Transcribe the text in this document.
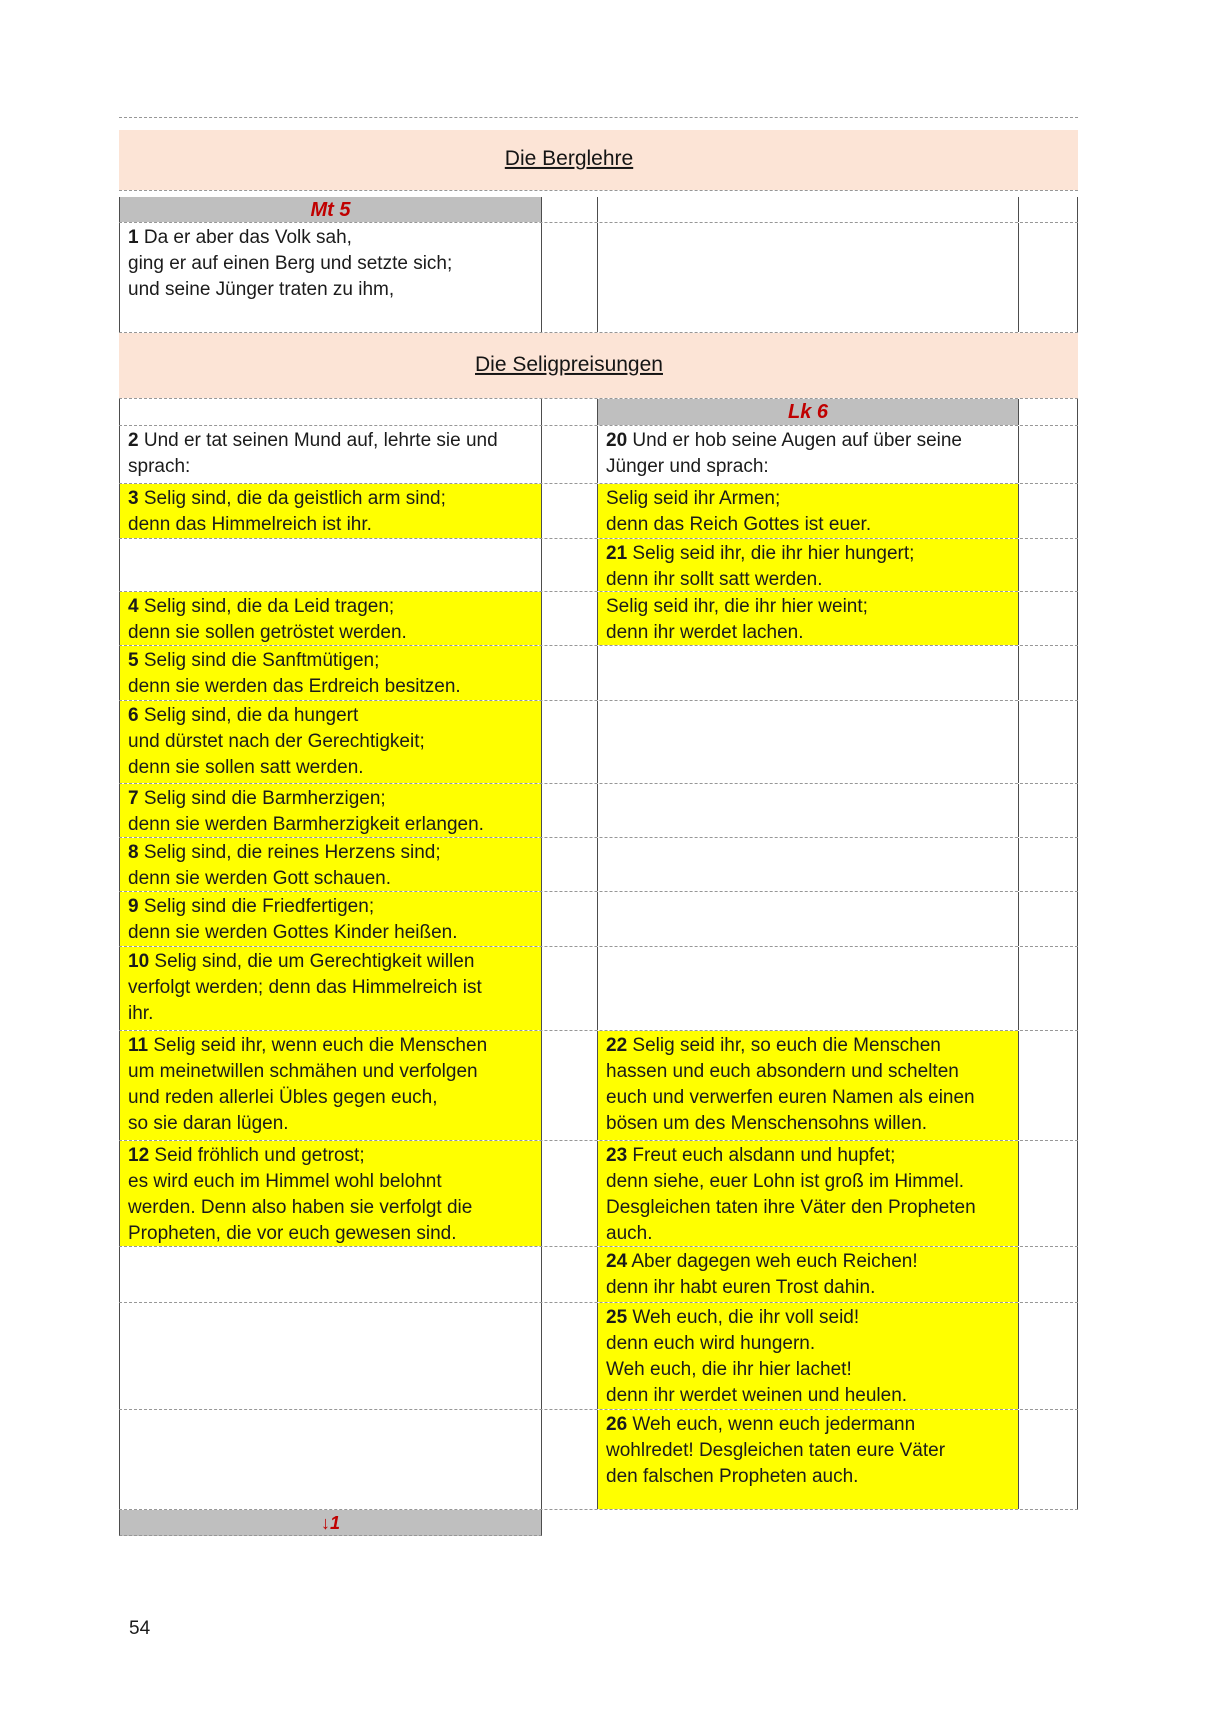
Die Berglehre
Mt 5
1 Da er aber das Volk sah,
ging er auf einen Berg und setzte sich;
und seine Jünger traten zu ihm,
Die Seligpreisungen
Lk 6
2 Und er tat seinen Mund auf, lehrte sie und
sprach:
20 Und er hob seine Augen auf über seine
Jünger und sprach:
3 Selig sind, die da geistlich arm sind;
denn das Himmelreich ist ihr.
Selig seid ihr Armen;
denn das Reich Gottes ist euer.
21 Selig seid ihr, die ihr hier hungert;
denn ihr sollt satt werden.
4 Selig sind, die da Leid tragen;
denn sie sollen getröstet werden.
Selig seid ihr, die ihr hier weint;
denn ihr werdet lachen.
5 Selig sind die Sanftmütigen;
denn sie werden das Erdreich besitzen.
6 Selig sind, die da hungert
und dürstet nach der Gerechtigkeit;
denn sie sollen satt werden.
7 Selig sind die Barmherzigen;
denn sie werden Barmherzigkeit erlangen.
8 Selig sind, die reines Herzens sind;
denn sie werden Gott schauen.
9 Selig sind die Friedfertigen;
denn sie werden Gottes Kinder heißen.
10 Selig sind, die um Gerechtigkeit willen
verfolgt werden; denn das Himmelreich ist
ihr.
11 Selig seid ihr, wenn euch die Menschen
um meinetwillen schmähen und verfolgen
und reden allerlei Übles gegen euch,
so sie daran lügen.
22 Selig seid ihr, so euch die Menschen
hassen und euch absondern und schelten
euch und verwerfen euren Namen als einen
bösen um des Menschensohns willen.
12 Seid fröhlich und getrost;
es wird euch im Himmel wohl belohnt
werden. Denn also haben sie verfolgt die
Propheten, die vor euch gewesen sind.
23 Freut euch alsdann und hupfet;
denn siehe, euer Lohn ist groß im Himmel.
Desgleichen taten ihre Väter den Propheten
auch.
24 Aber dagegen weh euch Reichen!
denn ihr habt euren Trost dahin.
25 Weh euch, die ihr voll seid!
denn euch wird hungern.
Weh euch, die ihr hier lachet!
denn ihr werdet weinen und heulen.
26 Weh euch, wenn euch jedermann
wohlredet! Desgleichen taten eure Väter
den falschen Propheten auch.
↓1
54
